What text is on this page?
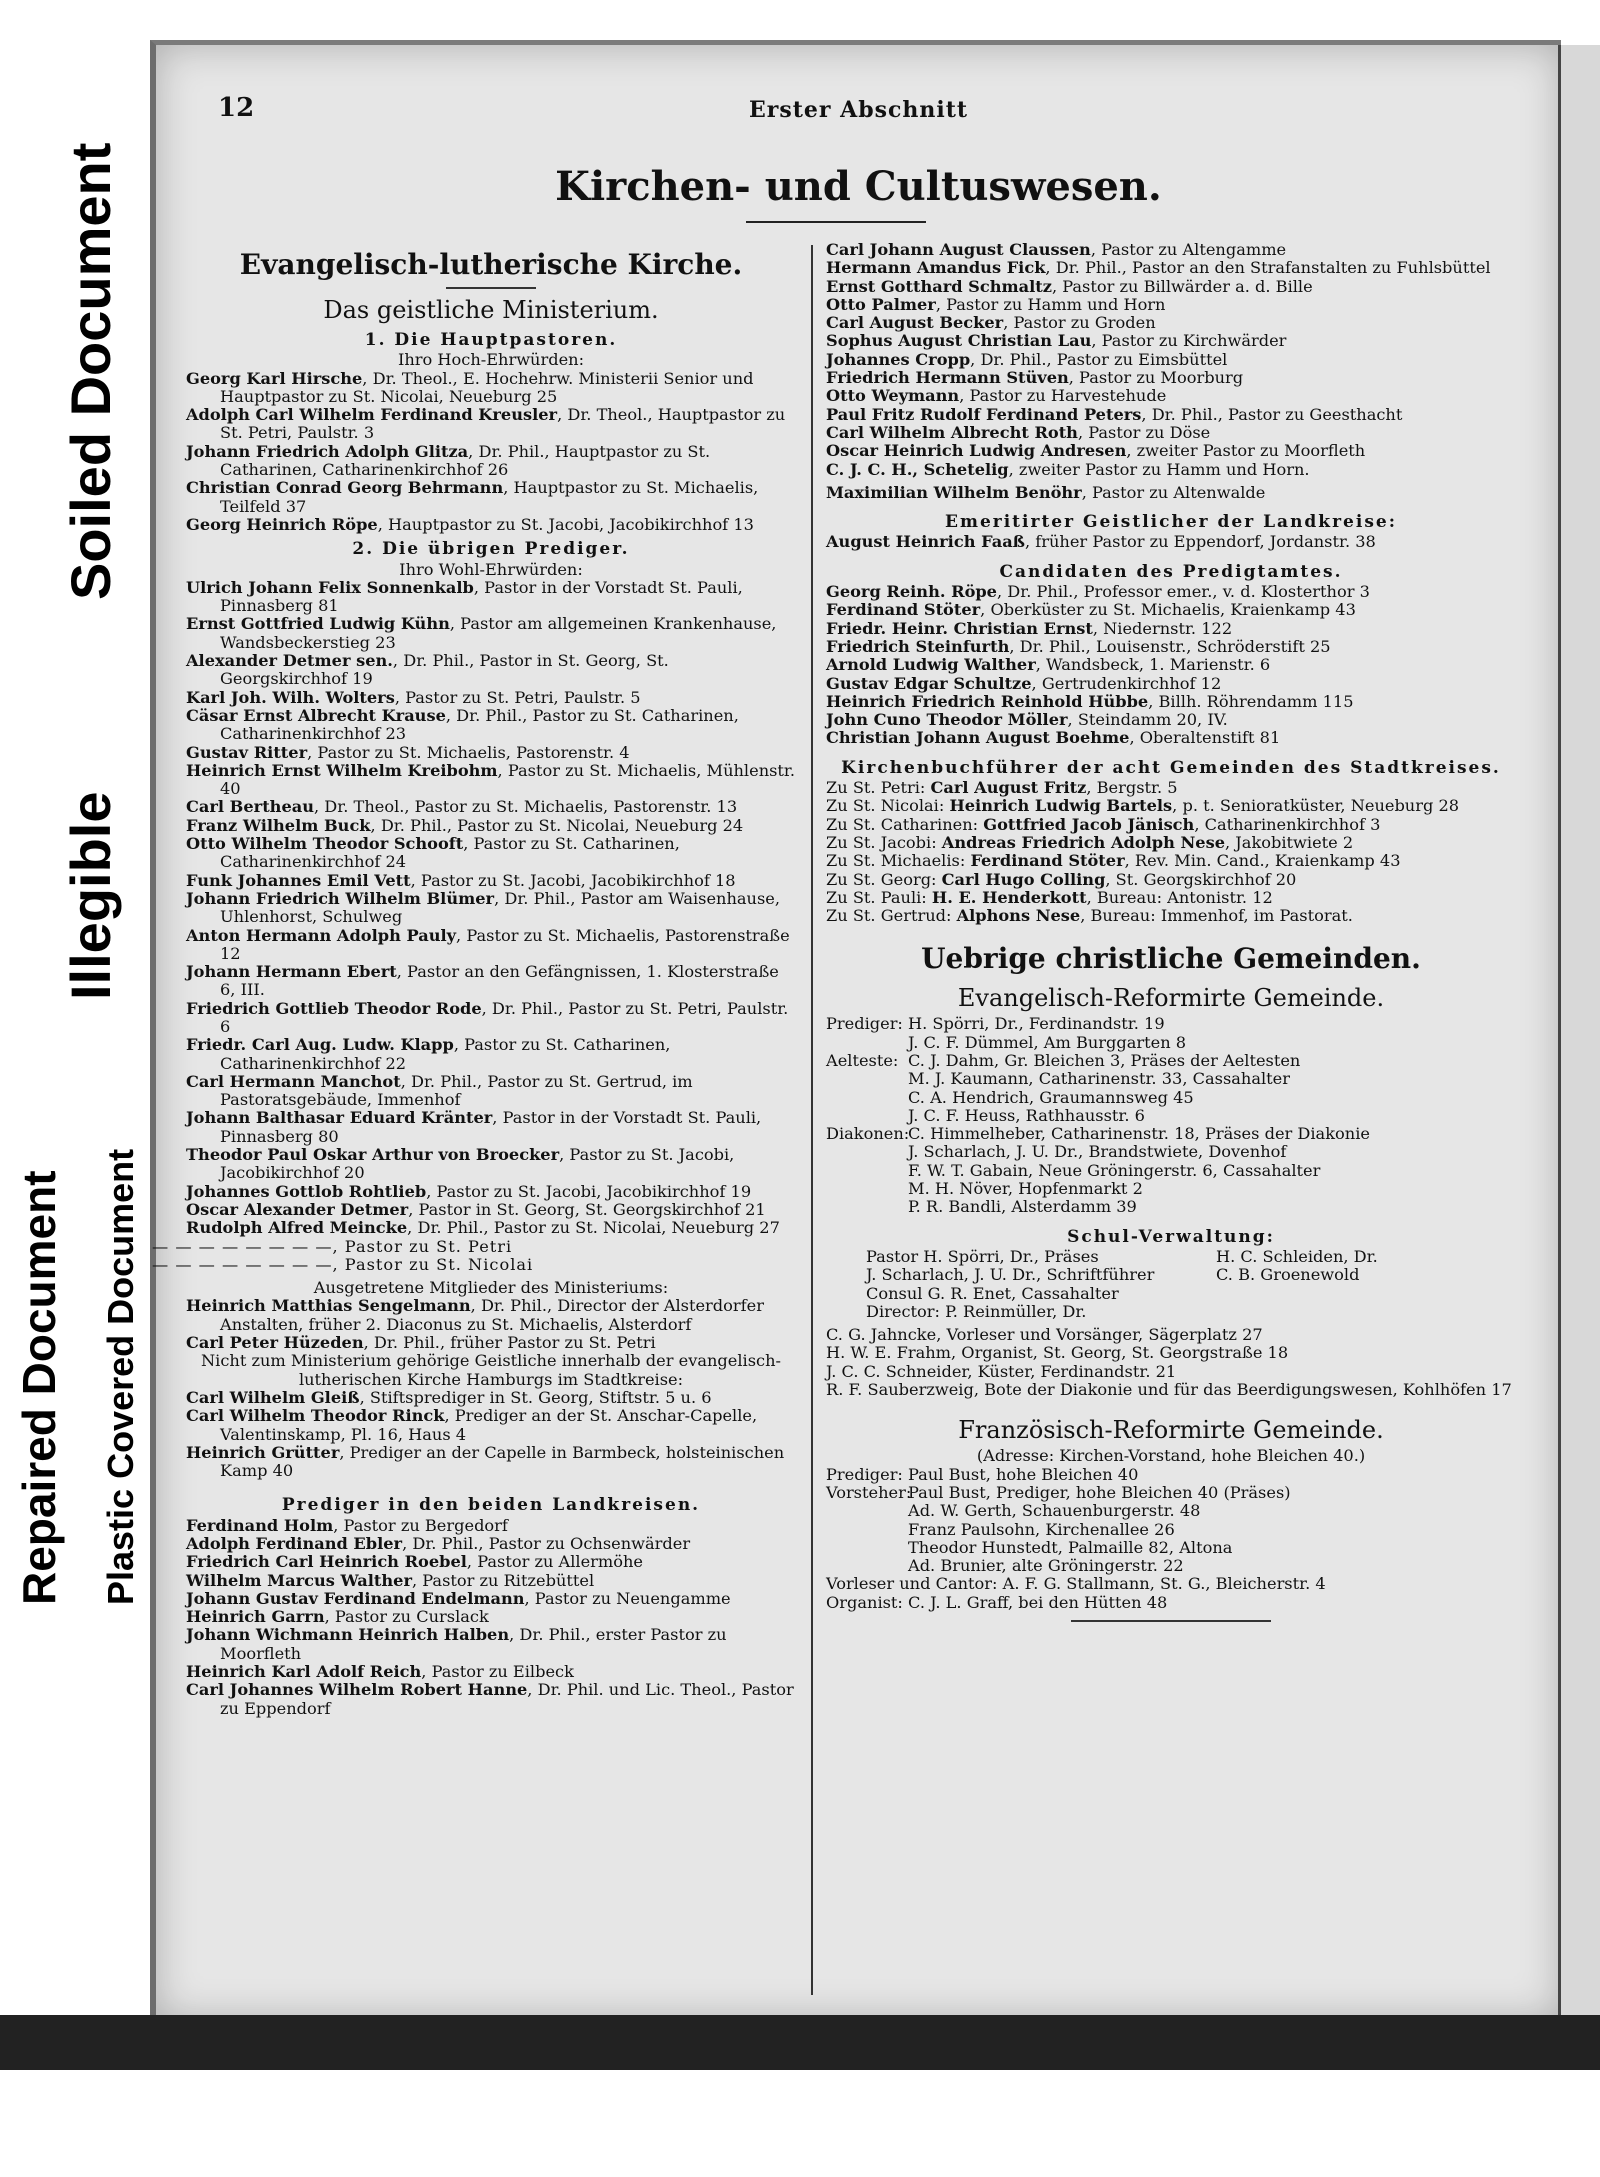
Soiled Document
Illegible
Repaired Document Plastic Covered Document
12	Erster Abschnitt
Kirchen- und Cultuswesen.
Evangelisch-lutherische Kirche.
Das geistliche Ministerium.
1. Die Hauptpastoren.
Ihro Hoch-Ehrwürden:
Georg Karl Hirsche, Dr. Theol., E. Hochehrw. Ministerii Senior und Hauptpastor zu St. Nicolai, Neueburg 25
Adolph Carl Wilhelm Ferdinand Kreusler, Dr. Theol., Hauptpastor zu St. Petri, Paulstr. 3
Johann Friedrich Adolph Glitza, Dr. Phil., Hauptpastor zu St. Catharinen, Catharinenkirchhof 26
Christian Conrad Georg Behrmann, Hauptpastor zu St. Michaelis, Teilfeld 37
Georg Heinrich Röpe, Hauptpastor zu St. Jacobi, Jacobikirchhof 13
2. Die übrigen Prediger.
Ihro Wohl-Ehrwürden:
Ulrich Johann Felix Sonnenkalb, Pastor in der Vorstadt St. Pauli, Pinnasberg 81
Ernst Gottfried Ludwig Kühn, Pastor am allgemeinen Krankenhause, Wandsbeckerstieg 23
Alexander Detmer sen., Dr. Phil., Pastor in St. Georg, St. Georgskirchhof 19
Karl Joh. Wilh. Wolters, Pastor zu St. Petri, Paulstr. 5
Cäsar Ernst Albrecht Krause, Dr. Phil., Pastor zu St. Catharinen, Catharinenkirchhof 23
Gustav Ritter, Pastor zu St. Michaelis, Pastorenstr. 4
Heinrich Ernst Wilhelm Kreibohm, Pastor zu St. Michaelis, Mühlenstr. 40
Carl Bertheau, Dr. Theol., Pastor zu St. Michaelis, Pastorenstr. 13
Franz Wilhelm Buck, Dr. Phil., Pastor zu St. Nicolai, Neueburg 24
Otto Wilhelm Theodor Schooft, Pastor zu St. Catharinen, Catharinenkirchhof 24
Funk Johannes Emil Vett, Pastor zu St. Jacobi, Jacobikirchhof 18
Johann Friedrich Wilhelm Blümer, Dr. Phil., Pastor am Waisenhause, Uhlenhorst, Schulweg
Anton Hermann Adolph Pauly, Pastor zu St. Michaelis, Pastorenstraße 12
Johann Hermann Ebert, Pastor an den Gefängnissen, 1. Klosterstraße 6, III.
Friedrich Gottlieb Theodor Rode, Dr. Phil., Pastor zu St. Petri, Paulstr. 6
Friedr. Carl Aug. Ludw. Klapp, Pastor zu St. Catharinen, Catharinenkirchhof 22
Carl Hermann Manchot, Dr. Phil., Pastor zu St. Gertrud, im Pastoratsgebäude, Immenhof
Johann Balthasar Eduard Kränter, Pastor in der Vorstadt St. Pauli, Pinnasberg 80
Theodor Paul Oskar Arthur von Broecker, Pastor zu St. Jacobi, Jacobikirchhof 20
Johannes Gottlob Rohtlieb, Pastor zu St. Jacobi, Jacobikirchhof 19
Oscar Alexander Detmer, Pastor in St. Georg, St. Georgskirchhof 21
Rudolph Alfred Meincke, Dr. Phil., Pastor zu St. Nicolai, Neueburg 27
— — — — — — — —, Pastor zu St. Petri
— — — — — — — —, Pastor zu St. Nicolai
Ausgetretene Mitglieder des Ministeriums:
Heinrich Matthias Sengelmann, Dr. Phil., Director der Alsterdorfer Anstalten, früher 2. Diaconus zu St. Michaelis, Alsterdorf
Carl Peter Hüzeden, Dr. Phil., früher Pastor zu St. Petri
Nicht zum Ministerium gehörige Geistliche innerhalb der evangelisch-lutherischen Kirche Hamburgs im Stadtkreise:
Carl Wilhelm Gleiß, Stiftsprediger in St. Georg, Stiftstr. 5 u. 6
Carl Wilhelm Theodor Rinck, Prediger an der St. Anschar-Capelle, Valentinskamp, Pl. 16, Haus 4
Heinrich Grütter, Prediger an der Capelle in Barmbeck, holsteinischen Kamp 40
Prediger in den beiden Landkreisen.
Ferdinand Holm, Pastor zu Bergedorf
Adolph Ferdinand Ebler, Dr. Phil., Pastor zu Ochsenwärder
Friedrich Carl Heinrich Roebel, Pastor zu Allermöhe
Wilhelm Marcus Walther, Pastor zu Ritzebüttel
Johann Gustav Ferdinand Endelmann, Pastor zu Neuengamme
Heinrich Garrn, Pastor zu Curslack
Johann Wichmann Heinrich Halben, Dr. Phil., erster Pastor zu Moorfleth
Heinrich Karl Adolf Reich, Pastor zu Eilbeck
Carl Johannes Wilhelm Robert Hanne, Dr. Phil. und Lic. Theol., Pastor zu Eppendorf
Carl Johann August Claussen, Pastor zu Altengamme
Hermann Amandus Fick, Dr. Phil., Pastor an den Strafanstalten zu Fuhlsbüttel
Ernst Gotthard Schmaltz, Pastor zu Billwärder a. d. Bille
Otto Palmer, Pastor zu Hamm und Horn
Carl August Becker, Pastor zu Groden
Sophus August Christian Lau, Pastor zu Kirchwärder
Johannes Cropp, Dr. Phil., Pastor zu Eimsbüttel
Friedrich Hermann Stüven, Pastor zu Moorburg
Otto Weymann, Pastor zu Harvestehude
Paul Fritz Rudolf Ferdinand Peters, Dr. Phil., Pastor zu Geesthacht
Carl Wilhelm Albrecht Roth, Pastor zu Döse
Oscar Heinrich Ludwig Andresen, zweiter Pastor zu Moorfleth
C. J. C. H., Schetelig, zweiter Pastor zu Hamm und Horn.
Maximilian Wilhelm Benöhr, Pastor zu Altenwalde
Emeritirter Geistlicher der Landkreise:
August Heinrich Faaß, früher Pastor zu Eppendorf, Jordanstr. 38
Candidaten des Predigtamtes.
Georg Reinh. Röpe, Dr. Phil., Professor emer., v. d. Klosterthor 3
Ferdinand Stöter, Oberküster zu St. Michaelis, Kraienkamp 43
Friedr. Heinr. Christian Ernst, Niedernstr. 122
Friedrich Steinfurth, Dr. Phil., Louisenstr., Schröderstift 25
Arnold Ludwig Walther, Wandsbeck, 1. Marienstr. 6
Gustav Edgar Schultze, Gertrudenkirchhof 12
Heinrich Friedrich Reinhold Hübbe, Billh. Röhrendamm 115
John Cuno Theodor Möller, Steindamm 20, IV.
Christian Johann August Boehme, Oberaltenstift 81
Kirchenbuchführer der acht Gemeinden des Stadtkreises.
Zu St. Petri: Carl August Fritz, Bergstr. 5
Zu St. Nicolai: Heinrich Ludwig Bartels, p. t. Senioratküster, Neueburg 28
Zu St. Catharinen: Gottfried Jacob Jänisch, Catharinenkirchhof 3
Zu St. Jacobi: Andreas Friedrich Adolph Nese, Jakobitwiete 2
Zu St. Michaelis: Ferdinand Stöter, Rev. Min. Cand., Kraienkamp 43
Zu St. Georg: Carl Hugo Colling, St. Georgskirchhof 20
Zu St. Pauli: H. E. Henderkott, Bureau: Antonistr. 12
Zu St. Gertrud: Alphons Nese, Bureau: Immenhof, im Pastorat.
Uebrige christliche Gemeinden.
Evangelisch-Reformirte Gemeinde.
Prediger: H. Spörri, Dr., Ferdinandstr. 19
J. C. F. Dümmel, Am Burggarten 8
Aelteste: C. J. Dahm, Gr. Bleichen 3, Präses der Aeltesten
M. J. Kaumann, Catharinenstr. 33, Cassahalter
C. A. Hendrich, Graumannsweg 45
J. C. F. Heuss, Rathhausstr. 6
Diakonen:
C. Himmelheber, Catharinenstr. 18, Präses der Diakonie
J. Scharlach, J. U. Dr., Brandstwiete, Dovenhof
F. W. T. Gabain, Neue Gröningerstr. 6, Cassahalter
M. H. Növer, Hopfenmarkt 2
P. R. Bandli, Alsterdamm 39
Schul-Verwaltung:
Pastor H. Spörri, Dr., Präses	H. C. Schleiden, Dr.
J. Scharlach, J. U. Dr., Schriftführer	C. B. Groenewold
Consul G. R. Enet, Cassahalter
Director: P. Reinmüller, Dr.
C. G. Jahncke, Vorleser und Vorsänger, Sägerplatz 27
H. W. E. Frahm, Organist, St. Georg, St. Georgstraße 18
J. C. C. Schneider, Küster, Ferdinandstr. 21
R. F. Sauberzweig, Bote der Diakonie und für das Beerdigungswesen, Kohlhöfen 17
Französisch-Reformirte Gemeinde.
(Adresse: Kirchen-Vorstand, hohe Bleichen 40.)
Prediger: Paul Bust, hohe Bleichen 40
Vorsteher:
Paul Bust, Prediger, hohe Bleichen 40 (Präses)
Ad. W. Gerth, Schauenburgerstr. 48
Franz Paulsohn, Kirchenallee 26
Theodor Hunstedt, Palmaille 82, Altona
Ad. Brunier, alte Gröningerstr. 22
Vorleser und Cantor: A. F. G. Stallmann, St. G., Bleicherstr. 4
Organist: C. J. L. Graff, bei den Hütten 48
